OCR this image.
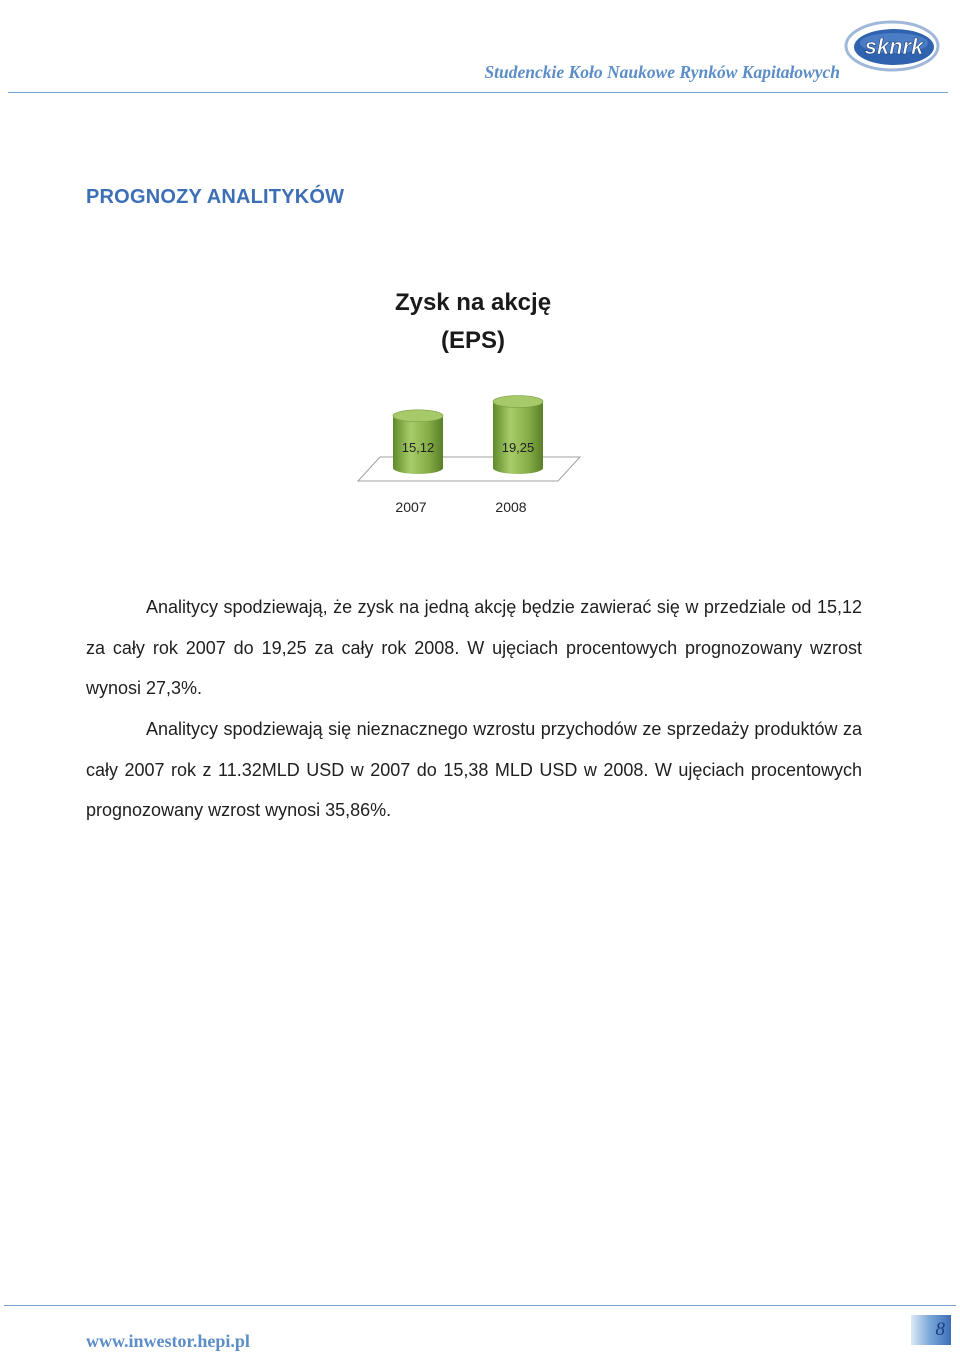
Studenckie Koło Naukowe Rynków Kapitałowych
sknrk
PROGNOZY ANALITYKÓW
Zysk na akcję
(EPS)
15,12
2007
19,25
2008
Analitycy spodziewają, że zysk na jedną akcję będzie zawierać się w przedziale od 15,12 za cały rok 2007 do 19,25 za cały rok 2008. W ujęciach procentowych prognozowany wzrost wynosi 27,3%.
Analitycy spodziewają się nieznacznego wzrostu przychodów ze sprzedaży produktów za cały 2007 rok z 11.32MLD USD w 2007 do 15,38 MLD USD w 2008. W ujęciach procentowych prognozowany wzrost wynosi 35,86%.
www.inwestor.hepi.pl
8
